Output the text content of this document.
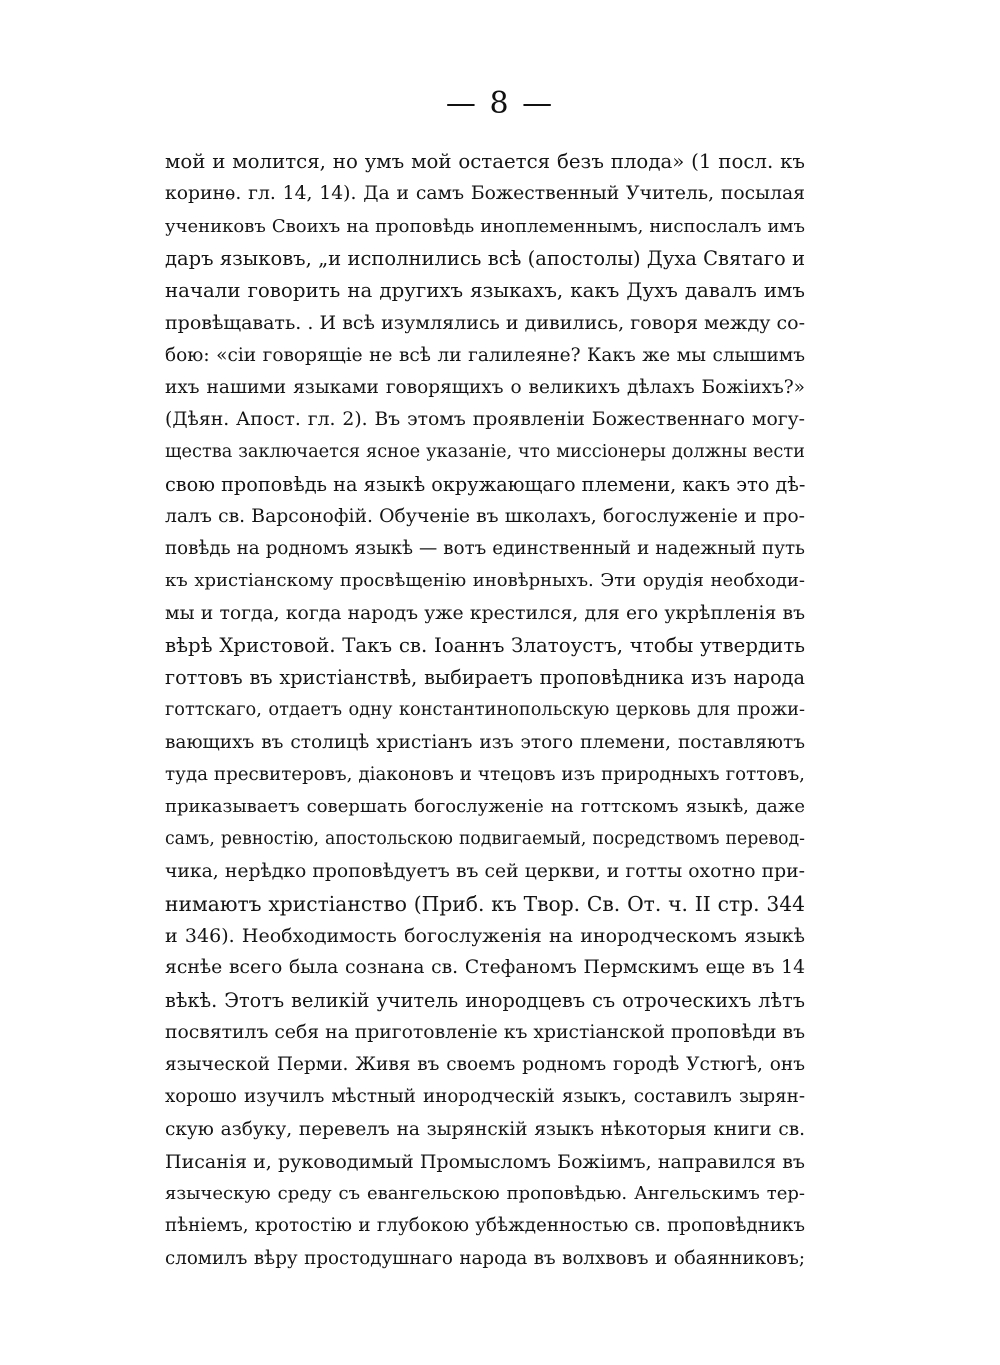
— 8 —
мой и молится, но умъ мой остается безъ плода» (1 посл. къ
коринѳ. гл. 14, 14). Да и самъ Божественный Учитель, посылая
учениковъ Своихъ на проповѣдь иноплеменнымъ, ниспослалъ имъ
даръ языковъ, „и исполнились всѣ (апостолы) Духа Святаго и
начали говорить на другихъ языкахъ, какъ Духъ давалъ имъ
провѣщавать. . И всѣ изумлялись и дивились, говоря между со-
бою: «сіи говорящіе не всѣ ли галилеяне? Какъ же мы слышимъ
ихъ нашими языками говорящихъ о великихъ дѣлахъ Божіихъ?»
(Дѣян. Апост. гл. 2). Въ этомъ проявленіи Божественнаго могу-
щества заключается ясное указаніе, что миссіонеры должны вести
свою проповѣдь на языкѣ окружающаго племени, какъ это дѣ-
лалъ св. Варсонофій. Обученіе въ школахъ, богослуженіе и про-
повѣдь на родномъ языкѣ — вотъ единственный и надежный путь
къ христіанскому просвѣщенію иновѣрныхъ. Эти орудія необходи-
мы и тогда, когда народъ уже крестился, для его укрѣпленія въ
вѣрѣ Христовой. Такъ св. Іоаннъ Златоустъ, чтобы утвердить
готтовъ въ христіанствѣ, выбираетъ проповѣдника изъ народа
готтскаго, отдаетъ одну константинопольскую церковь для прожи-
вающихъ въ столицѣ христіанъ изъ этого племени, поставляютъ
туда пресвитеровъ, діаконовъ и чтецовъ изъ природныхъ готтовъ,
приказываетъ совершать богослуженіе на готтскомъ языкѣ, даже
самъ, ревностію, апостольскою подвигаемый, посредствомъ перевод-
чика, нерѣдко проповѣдуетъ въ сей церкви, и готты охотно при-
нимаютъ христіанство (Приб. къ Твор. Св. От. ч. II стр. 344
и 346). Необходимость богослуженія на инородческомъ языкѣ
яснѣе всего была сознана св. Стефаномъ Пермскимъ еще въ 14
вѣкѣ. Этотъ великій учитель инородцевъ съ отроческихъ лѣтъ
посвятилъ себя на приготовленіе къ христіанской проповѣди въ
языческой Перми. Живя въ своемъ родномъ городѣ Устюгѣ, онъ
хорошо изучилъ мѣстный инородческій языкъ, составилъ зырян-
скую азбуку, перевелъ на зырянскій языкъ нѣкоторыя книги св.
Писанія и, руководимый Промысломъ Божіимъ, направился въ
языческую среду съ евангельскою проповѣдью. Ангельскимъ тер-
пѣніемъ, кротостію и глубокою убѣжденностью св. проповѣдникъ
сломилъ вѣру простодушнаго народа въ волхвовъ и обаянниковъ;
